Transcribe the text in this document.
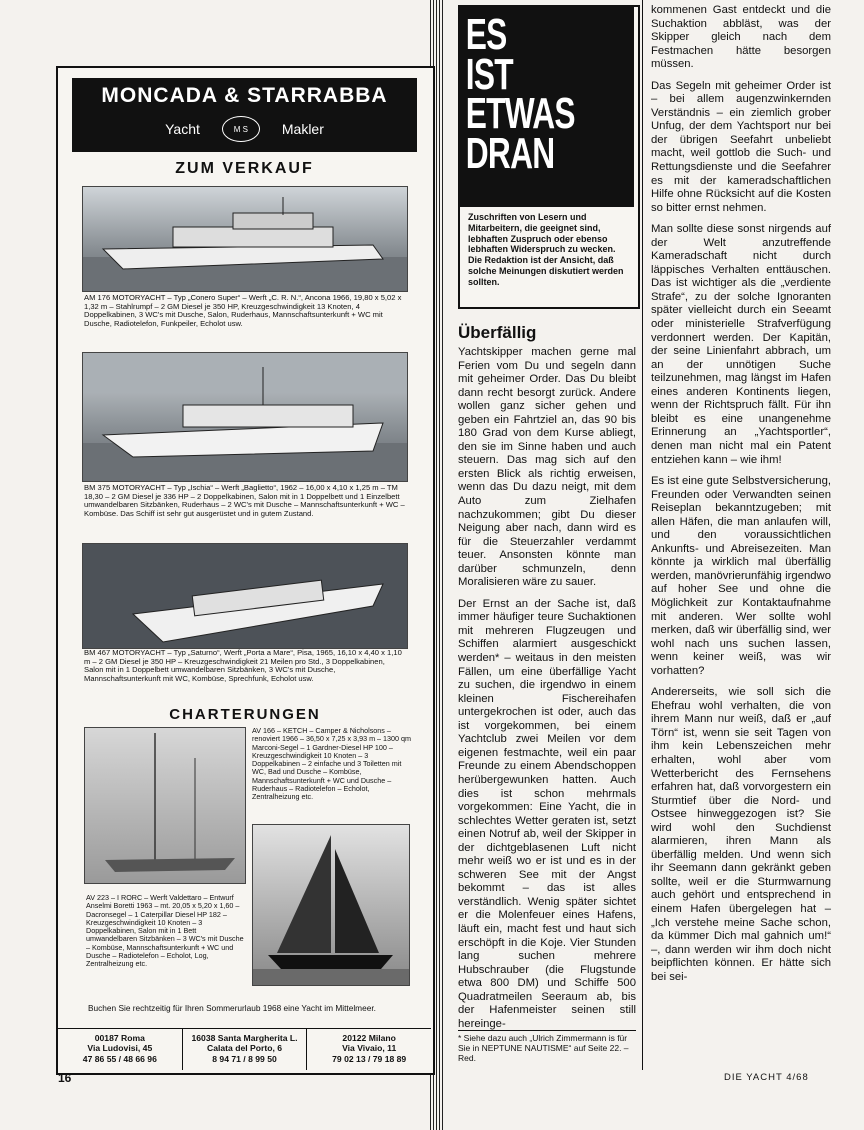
MONCADA & STARRABBA
Yacht	M S	Makler
ZUM VERKAUF
AM 176 MOTORYACHT – Typ „Conero Super“ – Werft „C. R. N.“, Ancona 1966, 19,80 x 5,02 x 1,32 m – Stahlrumpf – 2 GM Diesel je 350 HP, Kreuzgeschwindigkeit 13 Knoten, 4 Doppelkabinen, 3 WC's mit Dusche, Salon, Ruderhaus, Mannschaftsunterkunft + WC mit Dusche, Radiotelefon, Funkpeiler, Echolot usw.
BM 375 MOTORYACHT – Typ „Ischia“ – Werft „Baglietto“, 1962 – 16,00 x 4,10 x 1,25 m – TM 18,30 – 2 GM Diesel je 336 HP – 2 Doppelkabinen, Salon mit in 1 Doppelbett und 1 Einzelbett umwandelbaren Sitzbänken, Ruderhaus – 2 WC's mit Dusche – Mannschaftsunterkunft + WC – Kombüse. Das Schiff ist sehr gut ausgerüstet und in gutem Zustand.
BM 467 MOTORYACHT – Typ „Saturno“, Werft „Porta a Mare“, Pisa, 1965, 16,10 x 4,40 x 1,10 m – 2 GM Diesel je 350 HP – Kreuzgeschwindigkeit 21 Meilen pro Std., 3 Doppelkabinen, Salon mit in 1 Doppelbett umwandelbaren Sitzbänken, 3 WC's mit Dusche, Mannschaftsunterkunft mit WC, Kombüse, Sprechfunk, Echolot usw.
CHARTERUNGEN
AV 166 – KETCH – Camper & Nicholsons – renoviert 1966 – 36,50 x 7,25 x 3,93 m – 1300 qm Marconi-Segel – 1 Gardner-Diesel HP 100 – Kreuzgeschwindigkeit 10 Knoten – 3 Doppelkabinen – 2 einfache und 3 Toiletten mit WC, Bad und Dusche – Kombüse, Mannschaftsunterkunft + WC und Dusche – Ruderhaus – Radiotelefon – Echolot, Zentralheizung etc.
AV 223 – I RORC – Werft Valdettaro – Entwurf Anselmi Boretti 1963 – mt. 20,05 x 5,20 x 1,60 – Dacronsegel – 1 Caterpillar Diesel HP 182 – Kreuzgeschwindigkeit 10 Knoten – 3 Doppelkabinen, Salon mit in 1 Bett umwandelbaren Sitzbänken – 3 WC's mit Dusche – Kombüse, Mannschaftsunterkunft + WC und Dusche – Radiotelefon – Echolot, Log, Zentralheizung etc.
Buchen Sie rechtzeitig für Ihren Sommerurlaub 1968 eine Yacht im Mittelmeer.
00187 Roma
Via Ludovisi, 45
47 86 55 / 48 66 96
16038 Santa Margherita L.
Calata del Porto, 6
8 94 71 / 8 99 50
20122 Milano
Via Vivaio, 11
79 02 13 / 79 18 89
ES
IST ETWAS
DRAN
Zuschriften von Lesern und Mitarbeitern, die geeignet sind, lebhaften Zuspruch oder ebenso lebhaften Widerspruch zu wecken. Die Redaktion ist der Ansicht, daß solche Meinungen diskutiert werden sollten.
Überfällig

Yachtskipper machen gerne mal Ferien vom Du und segeln dann mit geheimer Order. Das Du bleibt dann recht besorgt zurück. Andere wollen ganz sicher gehen und geben ein Fahrtziel an, das 90 bis 180 Grad von dem Kurse abliegt, den sie im Sinne haben und auch steuern. Das mag sich auf den ersten Blick als richtig erweisen, wenn das Du dazu neigt, mit dem Auto zum Zielhafen nachzukommen; gibt Du dieser Neigung aber nach, dann wird es für die Steuerzahler verdammt teuer. Ansonsten könnte man darüber schmunzeln, denn Moralisieren wäre zu sauer.

Der Ernst an der Sache ist, daß immer häufiger teure Suchaktionen mit mehreren Flugzeugen und Schiffen alarmiert ausgeschickt werden* – weitaus in den meisten Fällen, um eine überfällige Yacht zu suchen, die irgendwo in einem kleinen Fischereihafen untergekrochen ist oder, auch das ist vorgekommen, bei einem Yachtclub zwei Meilen vor dem eigenen festmachte, weil ein paar Freunde zu einem Abendschoppen herübergewunken hatten. Auch dies ist schon mehrmals vorgekommen: Eine Yacht, die in schlechtes Wetter geraten ist, setzt einen Notruf ab, weil der Skipper in der dichtgeblasenen Luft nicht mehr weiß wo er ist und es in der schweren See mit der Angst bekommt – das ist alles verständlich. Wenig später sichtet er die Molenfeuer eines Hafens, läuft ein, macht fest und haut sich erschöpft in die Koje. Vier Stunden lang suchen mehrere Hubschrauber (die Flugstunde etwa 800 DM) und Schiffe 500 Quadratmeilen Seeraum ab, bis der Hafenmeister seinen still hereinge-

* Siehe dazu auch „Ulrich Zimmermann is für Sie in NEPTUNE NAUTISME“ auf Seite 22. – Red.

kommenen Gast entdeckt und die Suchaktion abbläst, was der Skipper gleich nach dem Festmachen hätte besorgen müssen.

Das Segeln mit geheimer Order ist – bei allem augenzwinkernden Verständnis – ein ziemlich grober Unfug, der dem Yachtsport nur bei der übrigen Seefahrt unbeliebt macht, weil gottlob die Such- und Rettungsdienste und die Seefahrer es mit der kameradschaftlichen Hilfe ohne Rücksicht auf die Kosten so bitter ernst nehmen.

Man sollte diese sonst nirgends auf der Welt anzutreffende Kameradschaft nicht durch läppisches Verhalten enttäuschen. Das ist wichtiger als die „verdiente Strafe“, zu der solche Ignoranten später vielleicht durch ein Seeamt oder ministerielle Strafverfügung verdonnert werden. Der Kapitän, der seine Linienfahrt abbrach, um an der unnötigen Suche teilzunehmen, mag längst im Hafen eines anderen Kontinents liegen, wenn der Richtspruch fällt. Für ihn bleibt es eine unangenehme Erinnerung an „Yachtsportler“, denen man nicht mal ein Patent entziehen kann – wie ihm!

Es ist eine gute Selbstversicherung, Freunden oder Verwandten seinen Reiseplan bekanntzugeben; mit allen Häfen, die man anlaufen will, und den voraussichtlichen Ankunfts- und Abreisezeiten. Man könnte ja wirklich mal überfällig werden, manövrierunfähig irgendwo auf hoher See und ohne die Möglichkeit zur Kontaktaufnahme mit anderen. Wer sollte wohl merken, daß wir überfällig sind, wer wohl nach uns suchen lassen, wenn keiner weiß, was wir vorhatten?

Andererseits, wie soll sich die Ehefrau wohl verhalten, die von ihrem Mann nur weiß, daß er „auf Törn“ ist, wenn sie seit Tagen von ihm kein Lebenszeichen mehr erhalten, wohl aber vom Wetterbericht des Fernsehens erfahren hat, daß vorvorgestern ein Sturmtief über die Nord- und Ostsee hinweggezogen ist? Sie wird wohl den Suchdienst alarmieren, ihren Mann als überfällig melden. Und wenn sich ihr Seemann dann gekränkt geben sollte, weil er die Sturmwarnung auch gehört und entsprechend in einem Hafen übergelegen hat – „Ich verstehe meine Sache schon, da kümmer Dich mal gahnich um!“ –, dann werden wir ihm doch nicht beipflichten können. Er hätte sich bei sei-

16	DIE YACHT 4/68
